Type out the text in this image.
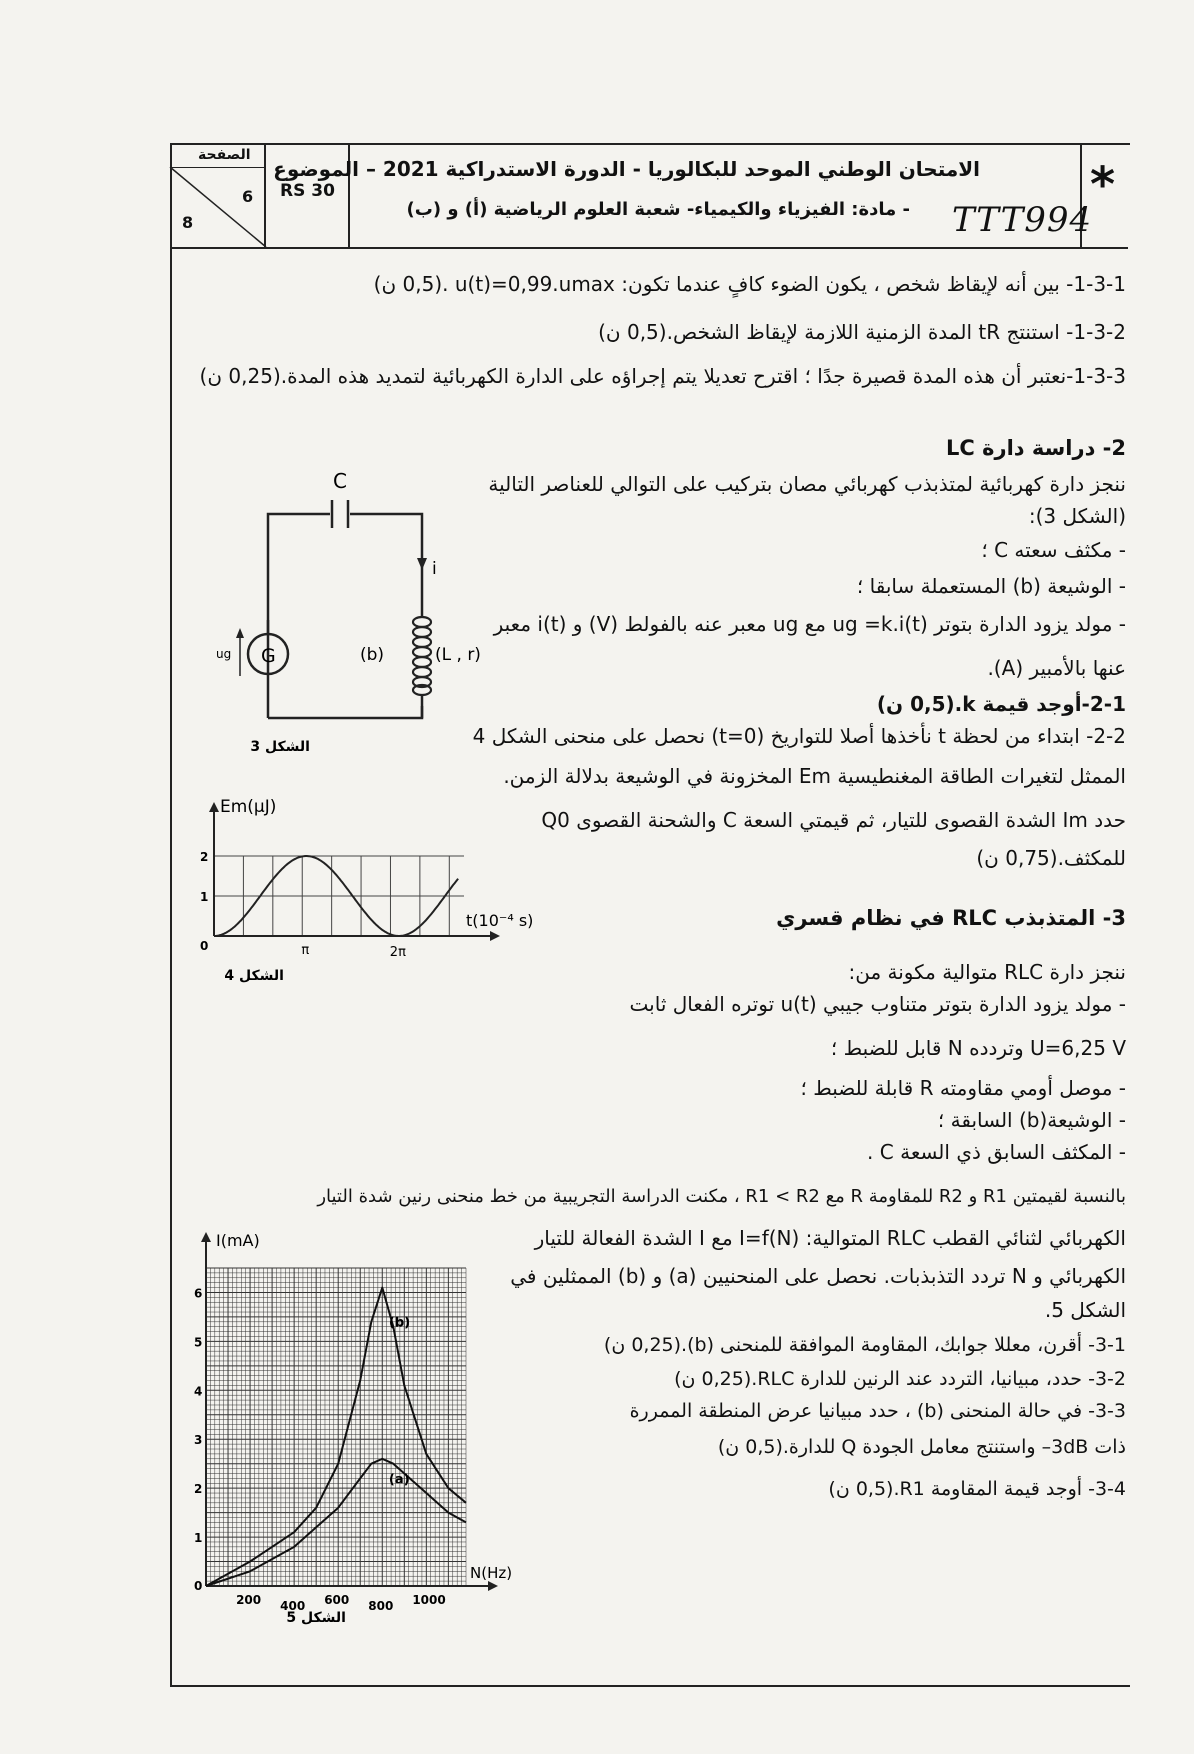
الصفحة
6
8
RS 30
الامتحان الوطني الموحد للبكالوريا - الدورة الاستدراكية 2021 – الموضوع
- مادة: الفيزياء والكيمياء- شعبة العلوم الرياضية (أ) و (ب)	*
TTT994
1-3-1- بين أنه لإيقاظ شخص ، يكون الضوء كافٍ عندما تكون: u(t)=0,99.umax .(0,5 ن)
1-3-2- استنتج tR المدة الزمنية اللازمة لإيقاظ الشخص.(0,5 ن)
1-3-3-نعتبر أن هذه المدة قصيرة جدًا ؛ اقترح تعديلا يتم إجراؤه على الدارة الكهربائية لتمديد هذه المدة.(0,25 ن)
2- دراسة دارة LC
ننجز دارة كهربائية لمتذبذب كهربائي مصان بتركيب على التوالي للعناصر التالية
(الشكل 3):
- مكثف سعته C ؛
- الوشيعة (b) المستعملة سابقا ؛
- مولد يزود الدارة بتوتر ug =k.i(t) مع ug معبر عنه بالفولط (V) و i(t) معبر
عنها بالأمبير (A).
2-1-أوجد قيمة k.(0,5 ن)
2-2- ابتداء من لحظة t نأخذها أصلا للتواريخ (t=0) نحصل على منحنى الشكل 4
الممثل لتغيرات الطاقة المغنطيسية Em المخزونة في الوشيعة بدلالة الزمن.
حدد Im الشدة القصوى للتيار، ثم قيمتي السعة C والشحنة القصوى Q0
للمكثف.(0,75 ن)
3- المتذبذب RLC في نظام قسري
ننجز دارة RLC متوالية مكونة من:
- مولد يزود الدارة بتوتر متناوب جيبي u(t) توتره الفعال ثابت
U=6,25 V وتردده N قابل للضبط ؛
- موصل أومي مقاومته R قابلة للضبط ؛
- الوشيعة(b) السابقة ؛
- المكثف السابق ذي السعة C .
بالنسبة لقيمتين R1 و R2 للمقاومة R مع R1 < R2 ، مكنت الدراسة التجريبية من خط منحنى رنين شدة التيار
الكهربائي لثنائي القطب RLC المتوالية: I=f(N) مع I الشدة الفعالة للتيار
الكهربائي و N تردد التذبذبات. نحصل على المنحنيين (a) و (b) الممثلين في
الشكل 5.
3-1- أقرن، معللا جوابك، المقاومة الموافقة للمنحنى (b).(0,25 ن)
3-2- حدد، مبيانيا، التردد عند الرنين للدارة RLC.(0,25 ن)
3-3- في حالة المنحنى (b) ، حدد مبيانيا عرض المنطقة الممررة
ذات 3dB– واستنتج معامل الجودة Q للدارة.(0,5 ن)
3-4- أوجد قيمة المقاومة R1.(0,5 ن)
C
i
(b)	(L , r)
G
ug
الشكل 3
Em(µJ)
t(10⁻⁴ s)
0
1
2
π	2π
الشكل 4
(b)
(a)
I(mA)
N(Hz)
0
1
2
3
4
5
6
200 400 600 800 1000
الشكل 5
